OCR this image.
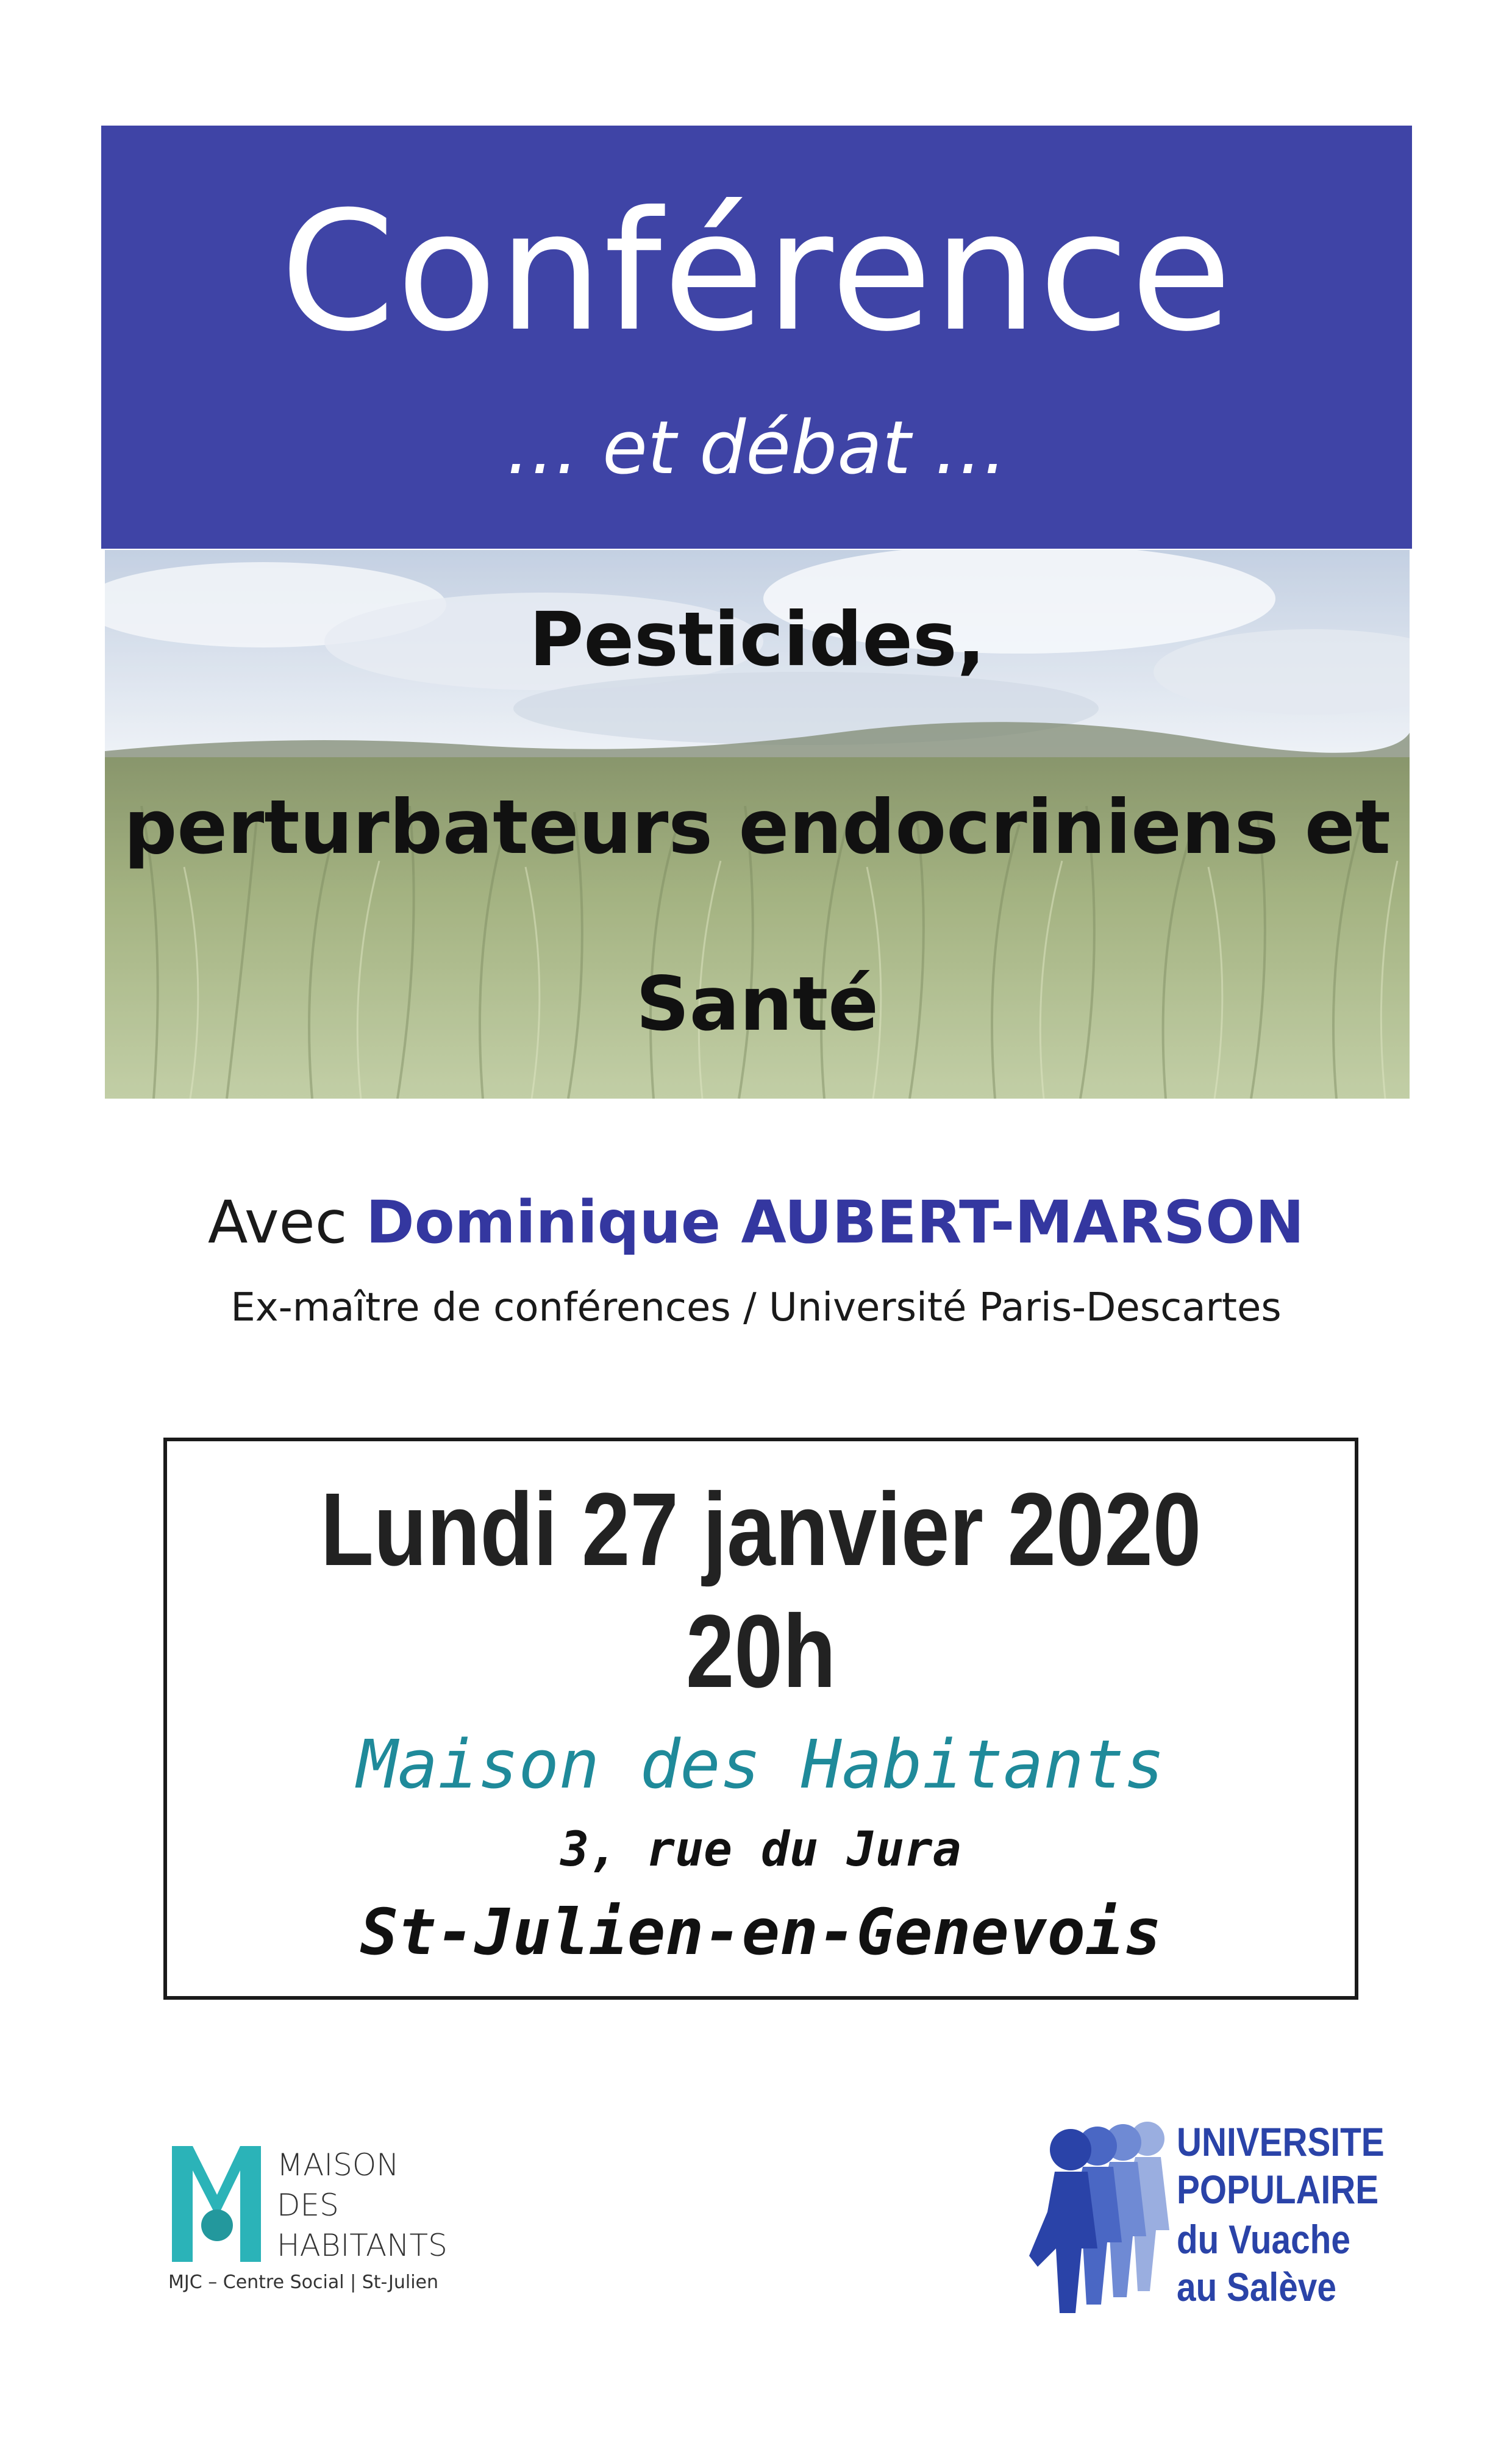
Conférence
… et débat …
Pesticides,
perturbateurs endocriniens et
Santé
Avec Dominique AUBERT-MARSON
Ex-maître de conférences / Université Paris-Descartes
Lundi 27 janvier 2020
20h
Maison des Habitants
3, rue du Jura
St-Julien-en-Genevois
MAISON
DES
HABITANTS
MJC – Centre Social | St-Julien
UNIVERSITE
POPULAIRE
du Vuache
au Salève
